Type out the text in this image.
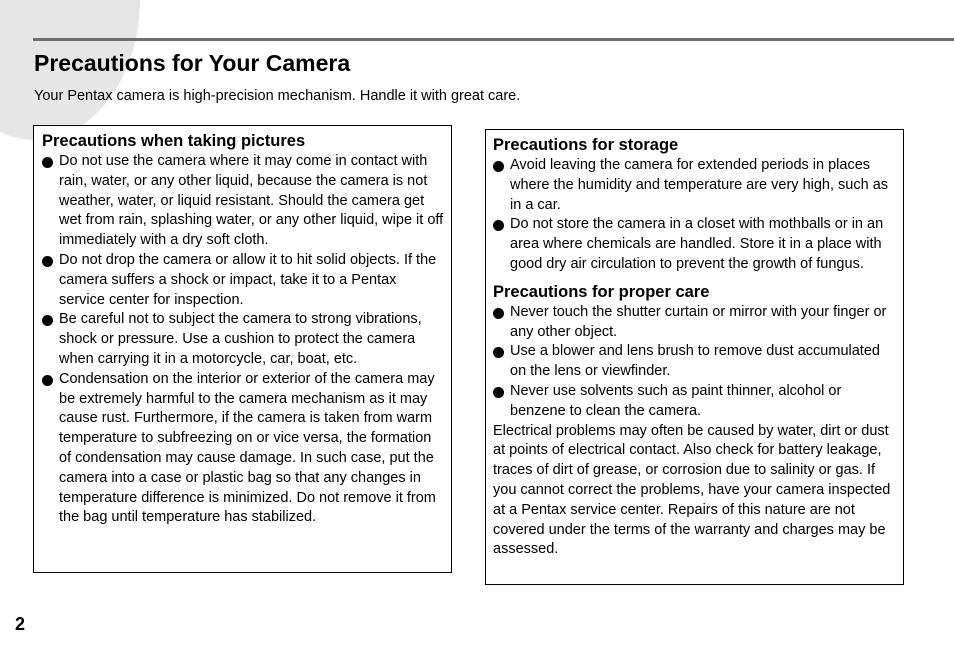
Precautions for Your Camera

Your Pentax camera is high-precision mechanism. Handle it with great care.

Precautions when taking pictures
Do not use the camera where it may come in contact with rain, water, or any other liquid, because the camera is not weather, water, or liquid resistant. Should the camera get wet from rain, splashing water, or any other liquid, wipe it off immediately with a dry soft cloth.
Do not drop the camera or allow it to hit solid objects. If the camera suffers a shock or impact, take it to a Pentax service center for inspection.
Be careful not to subject the camera to strong vibrations, shock or pressure. Use a cushion to protect the camera when carrying it in a motorcycle, car, boat, etc.
Condensation on the interior or exterior of the camera may be extremely harmful to the camera mechanism as it may cause rust. Furthermore, if the camera is taken from warm temperature to subfreezing on or vice versa, the formation of condensation may cause damage. In such case, put the camera into a case or plastic bag so that any changes in temperature difference is minimized. Do not remove it from the bag until temperature has stabilized.
Precautions for storage
Avoid leaving the camera for extended periods in places where the humidity and temperature are very high, such as in a car.
Do not store the camera in a closet with mothballs or in an area where chemicals are handled. Store it in a place with good dry air circulation to prevent the growth of fungus.
Precautions for proper care
Never touch the shutter curtain or mirror with your finger or any other object.
Use a blower and lens brush to remove dust accumulated on the lens or viewfinder.
Never use solvents such as paint thinner, alcohol or benzene to clean the camera.

Electrical problems may often be caused by water, dirt or dust at points of electrical contact. Also check for battery leakage, traces of dirt of grease, or corrosion due to salinity or gas. If you cannot correct the problems, have your camera inspected at a Pentax service center. Repairs of this nature are not covered under the terms of the warranty and charges may be assessed.

2
